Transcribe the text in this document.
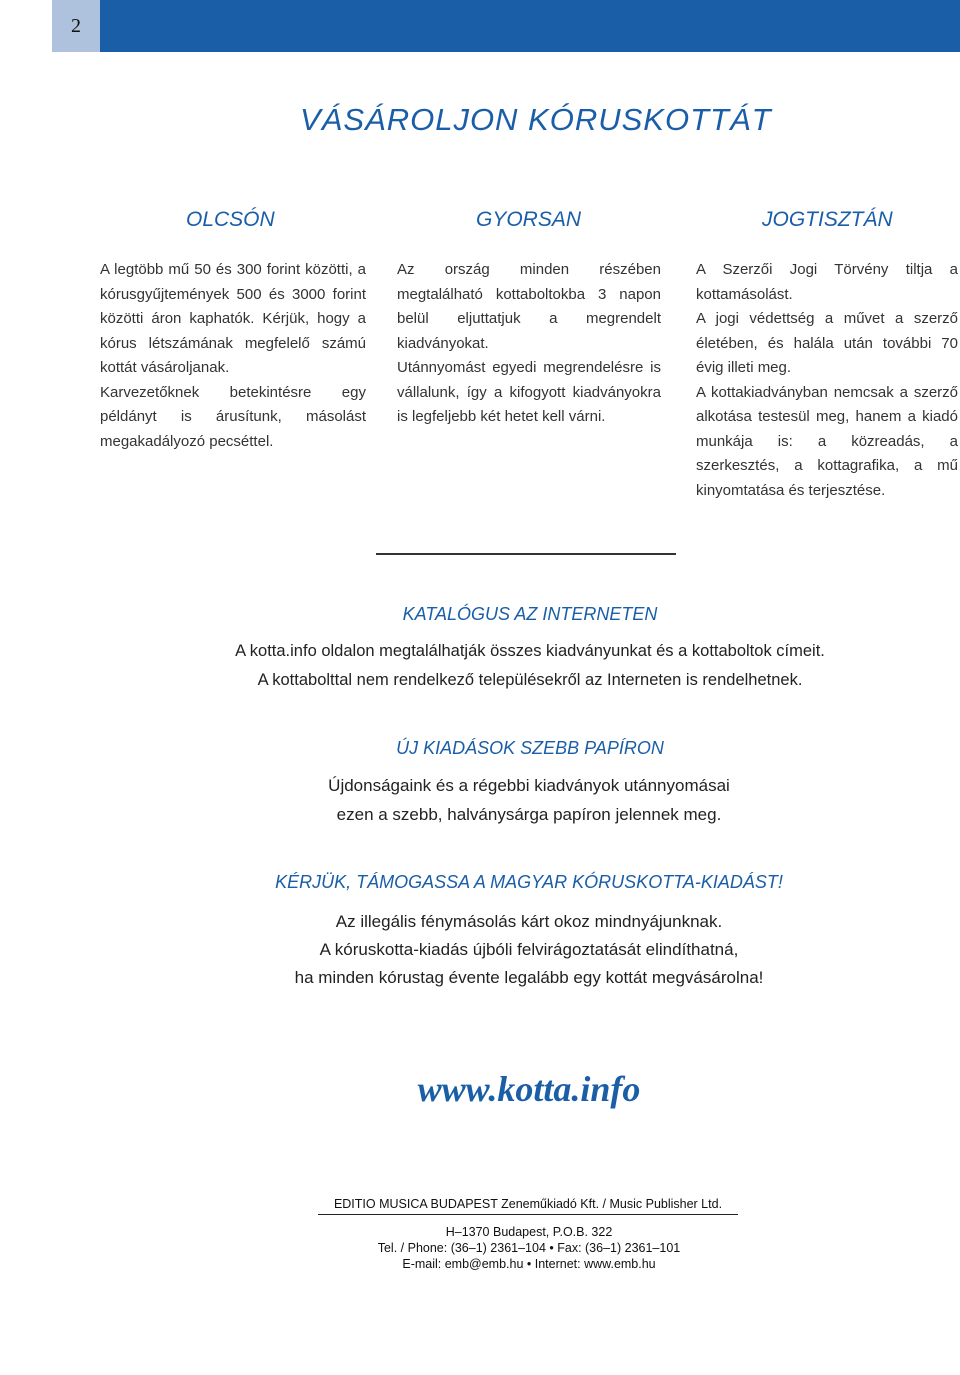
2
VÁSÁROLJON KÓRUSKOTTÁT
OLCSÓN

A legtöbb mű 50 és 300 forint közötti, a kórusgyűjtemények 500 és 3000 forint közötti áron kaphatók. Kérjük, hogy a kórus létszámának megfelelő számú kottát vásároljanak.

Karvezetőknek betekintésre egy példányt is árusítunk, másolást megakadályozó pecséttel.

GYORSAN

Az ország minden részében megtalálható kottaboltokba 3 napon belül eljuttatjuk a megrendelt kiadványokat.

Utánnyomást egyedi megrendelésre is vállalunk, így a kifogyott kiadványokra is legfeljebb két hetet kell várni.

JOGTISZTÁN

A Szerzői Jogi Törvény tiltja a kottamásolást.

A jogi védettség a művet a szerző életében, és halála után további 70 évig illeti meg.

A kottakiadványban nemcsak a szerző alkotása testesül meg, hanem a kiadó munkája is: a közreadás, a szerkesztés, a kottagrafika, a mű kinyomtatása és terjesztése.

KATALÓGUS AZ INTERNETEN
A kotta.info oldalon megtalálhatják összes kiadványunkat és a kottaboltok címeit.
A kottabolttal nem rendelkező településekről az Interneten is rendelhetnek.
ÚJ KIADÁSOK SZEBB PAPÍRON
Újdonságaink és a régebbi kiadványok utánnyomásai
ezen a szebb, halványsárga papíron jelennek meg.
KÉRJÜK, TÁMOGASSA A MAGYAR KÓRUSKOTTA-KIADÁST!
Az illegális fénymásolás kárt okoz mindnyájunknak.
A kóruskotta-kiadás újbóli felvirágoztatását elindíthatná,
ha minden kórustag évente legalább egy kottát megvásárolna!
www.kotta.info
EDITIO MUSICA BUDAPEST Zeneműkiadó Kft. / Music Publisher Ltd.
H–1370 Budapest, P.O.B. 322
Tel. / Phone: (36–1) 2361–104 • Fax: (36–1) 2361–101
E-mail: emb@emb.hu • Internet: www.emb.hu
